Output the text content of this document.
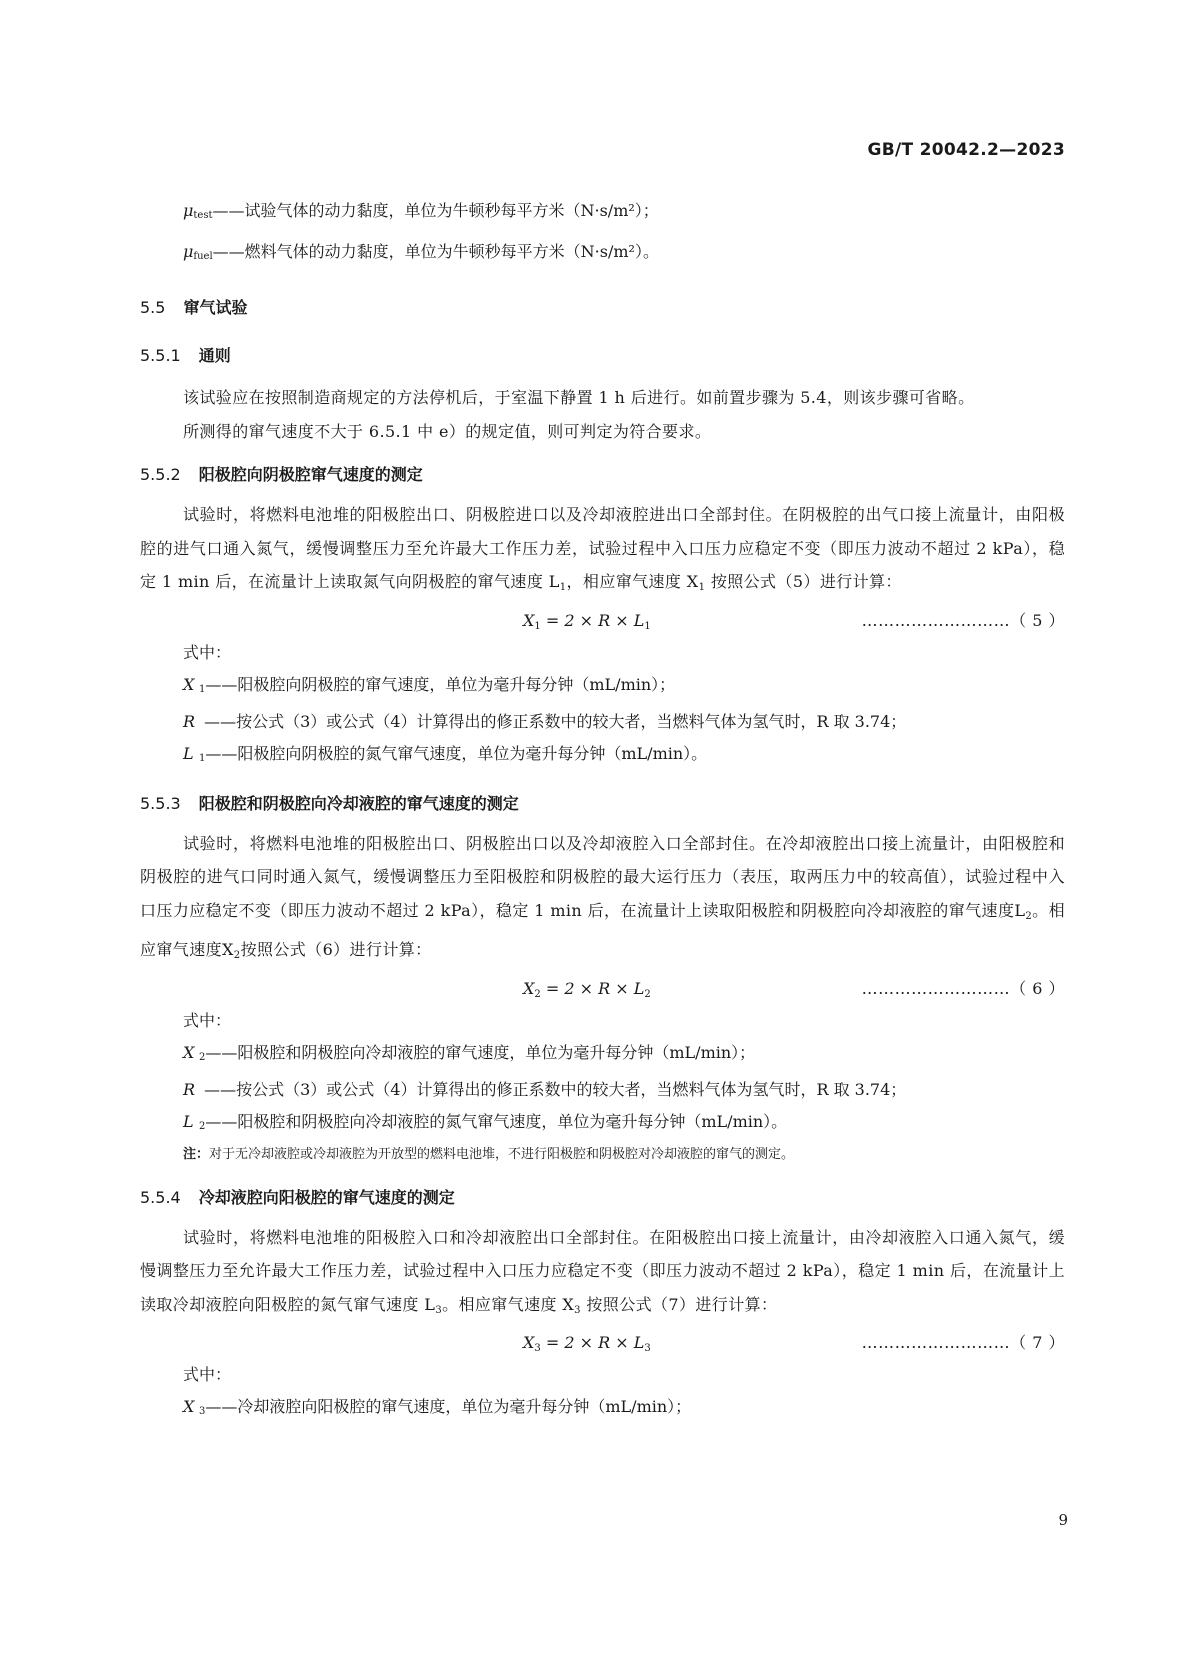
GB/T 20042.2—2023

$\mu_{test}——$试验气体的动力黏度，单位为牛顿秒每平方米（N·s/m²）；

$\mu_{fuel}——$燃料气体的动力黏度，单位为牛顿秒每平方米（N·s/m²）。

5.5 窜气试验
5.5.1 通则

该试验应在按照制造商规定的方法停机后，于室温下静置 1 h 后进行。如前置步骤为 5.4，则该步骤可省略。

所测得的窜气速度不大于 6.5.1 中 e）的规定值，则可判定为符合要求。

5.5.2 阳极腔向阴极腔窜气速度的测定

试验时，将燃料电池堆的阳极腔出口、阴极腔进口以及冷却液腔进出口全部封住。在阴极腔的出气口接上流量计，由阳极腔的进气口通入氮气，缓慢调整压力至允许最大工作压力差，试验过程中入口压力应稳定不变（即压力波动不超过 2 kPa），稳定 1 min 后，在流量计上读取氮气向阴极腔的窜气速度 L1，相应窜气速度 X1 按照公式（5）进行计算：

$X_1 = 2 \times R \times L_1$	………………………（ 5 ）

式中：

X $_1$——阳极腔向阴极腔的窜气速度，单位为毫升每分钟（mL/min）；

R ——按公式（3）或公式（4）计算得出的修正系数中的较大者，当燃料气体为氢气时，R 取 3.74；

L $_1$——阳极腔向阴极腔的氮气窜气速度，单位为毫升每分钟（mL/min）。

5.5.3 阳极腔和阴极腔向冷却液腔的窜气速度的测定

试验时，将燃料电池堆的阳极腔出口、阴极腔出口以及冷却液腔入口全部封住。在冷却液腔出口接上流量计，由阳极腔和阴极腔的进气口同时通入氮气，缓慢调整压力至阳极腔和阴极腔的最大运行压力（表压，取两压力中的较高值），试验过程中入口压力应稳定不变（即压力波动不超过 2 kPa），稳定 1 min 后，在流量计上读取阳极腔和阴极腔向冷却液腔的窜气速度L2。相应窜气速度X2按照公式（6）进行计算：

$X_2 = 2 \times R \times L_2$	………………………（ 6 ）

式中：

X $_2$——阳极腔和阴极腔向冷却液腔的窜气速度，单位为毫升每分钟（mL/min）；

R ——按公式（3）或公式（4）计算得出的修正系数中的较大者，当燃料气体为氢气时，R 取 3.74；

L $_2$——阳极腔和阴极腔向冷却液腔的氮气窜气速度，单位为毫升每分钟（mL/min）。

注：对于无冷却液腔或冷却液腔为开放型的燃料电池堆，不进行阳极腔和阴极腔对冷却液腔的窜气的测定。

5.5.4 冷却液腔向阳极腔的窜气速度的测定

试验时，将燃料电池堆的阳极腔入口和冷却液腔出口全部封住。在阳极腔出口接上流量计，由冷却液腔入口通入氮气，缓慢调整压力至允许最大工作压力差，试验过程中入口压力应稳定不变（即压力波动不超过 2 kPa），稳定 1 min 后，在流量计上读取冷却液腔向阳极腔的氮气窜气速度 L3。相应窜气速度 X3 按照公式（7）进行计算：

$X_3 = 2 \times R \times L_3$	………………………（ 7 ）

式中：

X $_3$——冷却液腔向阳极腔的窜气速度，单位为毫升每分钟（mL/min）；

9
